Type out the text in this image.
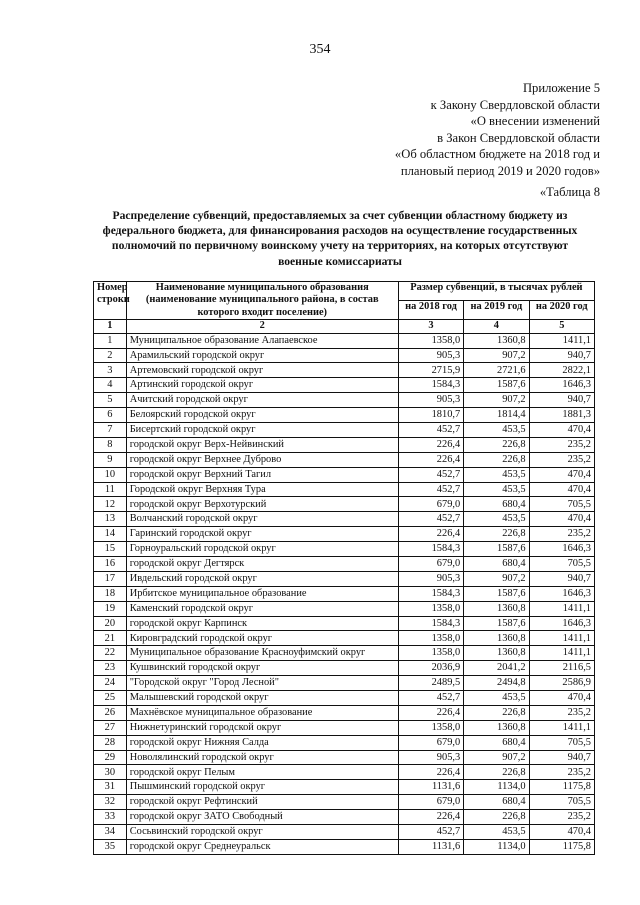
354
Приложение 5
к Закону Свердловской области
«О внесении изменений
в Закон Свердловской области
«Об областном бюджете на 2018 год и
плановый период 2019 и 2020 годов»
«Таблица 8
Распределение субвенций, предоставляемых за счет субвенции областному бюджету из федерального бюджета, для финансирования расходов на осуществление государственных полномочий по первичному воинскому учету на территориях, на которых отсутствуют военные комиссариаты
Номер строки	Наименование муниципального образования (наименование муниципального района, в состав которого входит поселение)	Размер субвенций, в тысячах рублей		
		на 2018 год	на 2019 год	на 2020 год
1	2	3	4	5
1	Муниципальное образование Алапаевское	1358,0	1360,8	1411,1
2	Арамильский городской округ	905,3	907,2	940,7
3	Артемовский городской округ	2715,9	2721,6	2822,1
4	Артинский городской округ	1584,3	1587,6	1646,3
5	Ачитский городской округ	905,3	907,2	940,7
6	Белоярский городской округ	1810,7	1814,4	1881,3
7	Бисертский городской округ	452,7	453,5	470,4
8	городской округ Верх-Нейвинский	226,4	226,8	235,2
9	городской округ Верхнее Дуброво	226,4	226,8	235,2
10	городской округ Верхний Тагил	452,7	453,5	470,4
11	Городской округ Верхняя Тура	452,7	453,5	470,4
12	городской округ Верхотурский	679,0	680,4	705,5
13	Волчанский городской округ	452,7	453,5	470,4
14	Гаринский городской округ	226,4	226,8	235,2
15	Горноуральский городской округ	1584,3	1587,6	1646,3
16	городской округ Дегтярск	679,0	680,4	705,5
17	Ивдельский городской округ	905,3	907,2	940,7
18	Ирбитское муниципальное образование	1584,3	1587,6	1646,3
19	Каменский городской округ	1358,0	1360,8	1411,1
20	городской округ Карпинск	1584,3	1587,6	1646,3
21	Кировградский городской округ	1358,0	1360,8	1411,1
22	Муниципальное образование Красноуфимский округ	1358,0	1360,8	1411,1
23	Кушвинский городской округ	2036,9	2041,2	2116,5
24	"Городской округ "Город Лесной"	2489,5	2494,8	2586,9
25	Малышевский городской округ	452,7	453,5	470,4
26	Махнёвское муниципальное образование	226,4	226,8	235,2
27	Нижнетуринский городской округ	1358,0	1360,8	1411,1
28	городской округ Нижняя Салда	679,0	680,4	705,5
29	Новолялинский городской округ	905,3	907,2	940,7
30	городской округ Пелым	226,4	226,8	235,2
31	Пышминский городской округ	1131,6	1134,0	1175,8
32	городской округ Рефтинский	679,0	680,4	705,5
33	городской округ ЗАТО Свободный	226,4	226,8	235,2
34	Сосьвинский городской округ	452,7	453,5	470,4
35	городской округ Среднеуральск	1131,6	1134,0	1175,8
